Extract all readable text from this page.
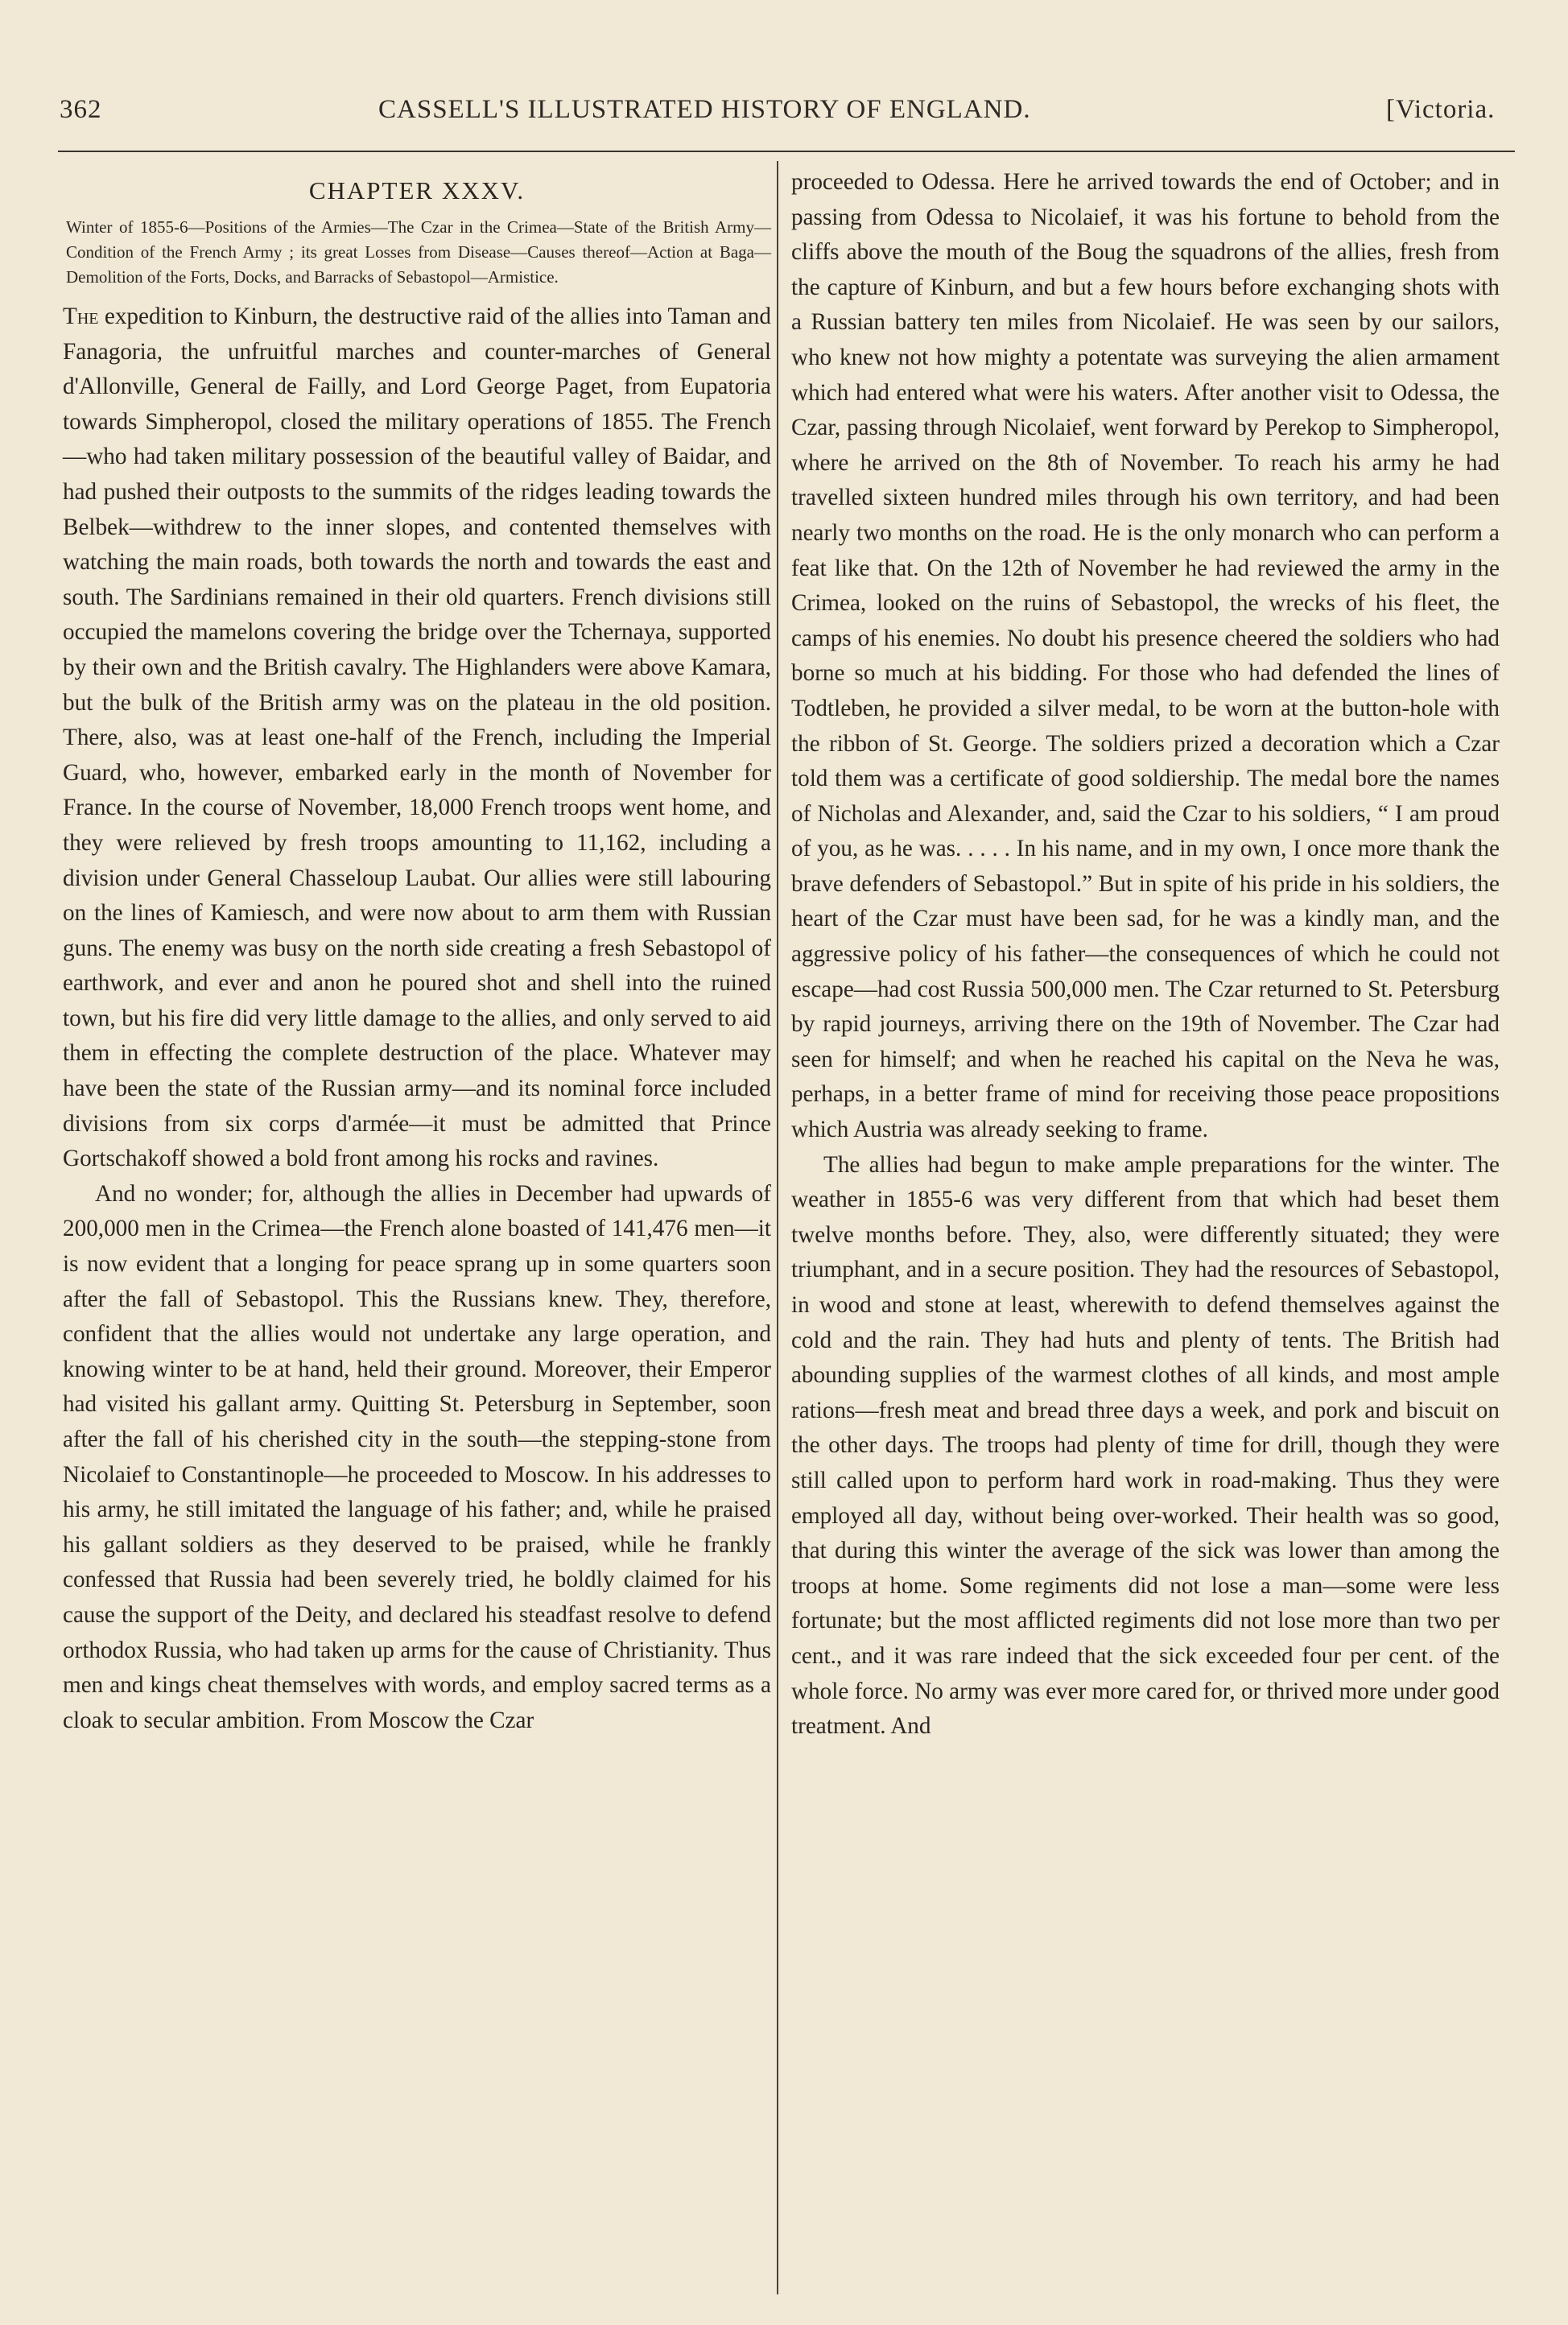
362	CASSELL'S ILLUSTRATED HISTORY OF ENGLAND.	[Victoria.
CHAPTER XXXV.
Winter of 1855-6—Positions of the Armies—The Czar in the Crimea—State of the British Army—Condition of the French Army ; its great Losses from Disease—Causes thereof—Action at Baga—Demolition of the Forts, Docks, and Barracks of Sebastopol—Armistice.

The expedition to Kinburn, the destructive raid of the allies into Taman and Fanagoria, the unfruitful marches and counter-marches of General d'Allonville, General de Failly, and Lord George Paget, from Eupatoria towards Simpheropol, closed the military operations of 1855. The French—who had taken military possession of the beautiful valley of Baidar, and had pushed their outposts to the summits of the ridges leading towards the Belbek—withdrew to the inner slopes, and contented themselves with watching the main roads, both towards the north and towards the east and south. The Sardinians remained in their old quarters. French divisions still occupied the mamelons covering the bridge over the Tchernaya, supported by their own and the British cavalry. The Highlanders were above Kamara, but the bulk of the British army was on the plateau in the old position. There, also, was at least one-half of the French, including the Imperial Guard, who, however, embarked early in the month of November for France. In the course of November, 18,000 French troops went home, and they were relieved by fresh troops amounting to 11,162, including a division under General Chasseloup Laubat. Our allies were still labouring on the lines of Kamiesch, and were now about to arm them with Russian guns. The enemy was busy on the north side creating a fresh Sebastopol of earthwork, and ever and anon he poured shot and shell into the ruined town, but his fire did very little damage to the allies, and only served to aid them in effecting the complete destruction of the place. Whatever may have been the state of the Russian army—and its nominal force included divisions from six corps d'armée—it must be admitted that Prince Gortschakoff showed a bold front among his rocks and ravines.

And no wonder; for, although the allies in December had upwards of 200,000 men in the Crimea—the French alone boasted of 141,476 men—it is now evident that a longing for peace sprang up in some quarters soon after the fall of Sebastopol. This the Russians knew. They, therefore, confident that the allies would not undertake any large operation, and knowing winter to be at hand, held their ground. Moreover, their Emperor had visited his gallant army. Quitting St. Petersburg in September, soon after the fall of his cherished city in the south—the stepping-stone from Nicolaief to Constantinople—he proceeded to Moscow. In his addresses to his army, he still imitated the language of his father; and, while he praised his gallant soldiers as they deserved to be praised, while he frankly confessed that Russia had been severely tried, he boldly claimed for his cause the support of the Deity, and declared his steadfast resolve to defend orthodox Russia, who had taken up arms for the cause of Christianity. Thus men and kings cheat themselves with words, and employ sacred terms as a cloak to secular ambition. From Moscow the Czar

proceeded to Odessa. Here he arrived towards the end of October; and in passing from Odessa to Nicolaief, it was his fortune to behold from the cliffs above the mouth of the Boug the squadrons of the allies, fresh from the capture of Kinburn, and but a few hours before exchanging shots with a Russian battery ten miles from Nicolaief. He was seen by our sailors, who knew not how mighty a potentate was surveying the alien armament which had entered what were his waters. After another visit to Odessa, the Czar, passing through Nicolaief, went forward by Perekop to Simpheropol, where he arrived on the 8th of November. To reach his army he had travelled sixteen hundred miles through his own territory, and had been nearly two months on the road. He is the only monarch who can perform a feat like that. On the 12th of November he had reviewed the army in the Crimea, looked on the ruins of Sebastopol, the wrecks of his fleet, the camps of his enemies. No doubt his presence cheered the soldiers who had borne so much at his bidding. For those who had defended the lines of Todtleben, he provided a silver medal, to be worn at the button-hole with the ribbon of St. George. The soldiers prized a decoration which a Czar told them was a certificate of good soldiership. The medal bore the names of Nicholas and Alexander, and, said the Czar to his soldiers, “ I am proud of you, as he was. . . . . In his name, and in my own, I once more thank the brave defenders of Sebastopol.” But in spite of his pride in his soldiers, the heart of the Czar must have been sad, for he was a kindly man, and the aggressive policy of his father—the consequences of which he could not escape—had cost Russia 500,000 men. The Czar returned to St. Petersburg by rapid journeys, arriving there on the 19th of November. The Czar had seen for himself; and when he reached his capital on the Neva he was, perhaps, in a better frame of mind for receiving those peace propositions which Austria was already seeking to frame.

The allies had begun to make ample preparations for the winter. The weather in 1855-6 was very different from that which had beset them twelve months before. They, also, were differently situated; they were triumphant, and in a secure position. They had the resources of Sebastopol, in wood and stone at least, wherewith to defend themselves against the cold and the rain. They had huts and plenty of tents. The British had abounding supplies of the warmest clothes of all kinds, and most ample rations—fresh meat and bread three days a week, and pork and biscuit on the other days. The troops had plenty of time for drill, though they were still called upon to perform hard work in road-making. Thus they were employed all day, without being over-worked. Their health was so good, that during this winter the average of the sick was lower than among the troops at home. Some regiments did not lose a man—some were less fortunate; but the most afflicted regiments did not lose more than two per cent., and it was rare indeed that the sick exceeded four per cent. of the whole force. No army was ever more cared for, or thrived more under good treatment. And
